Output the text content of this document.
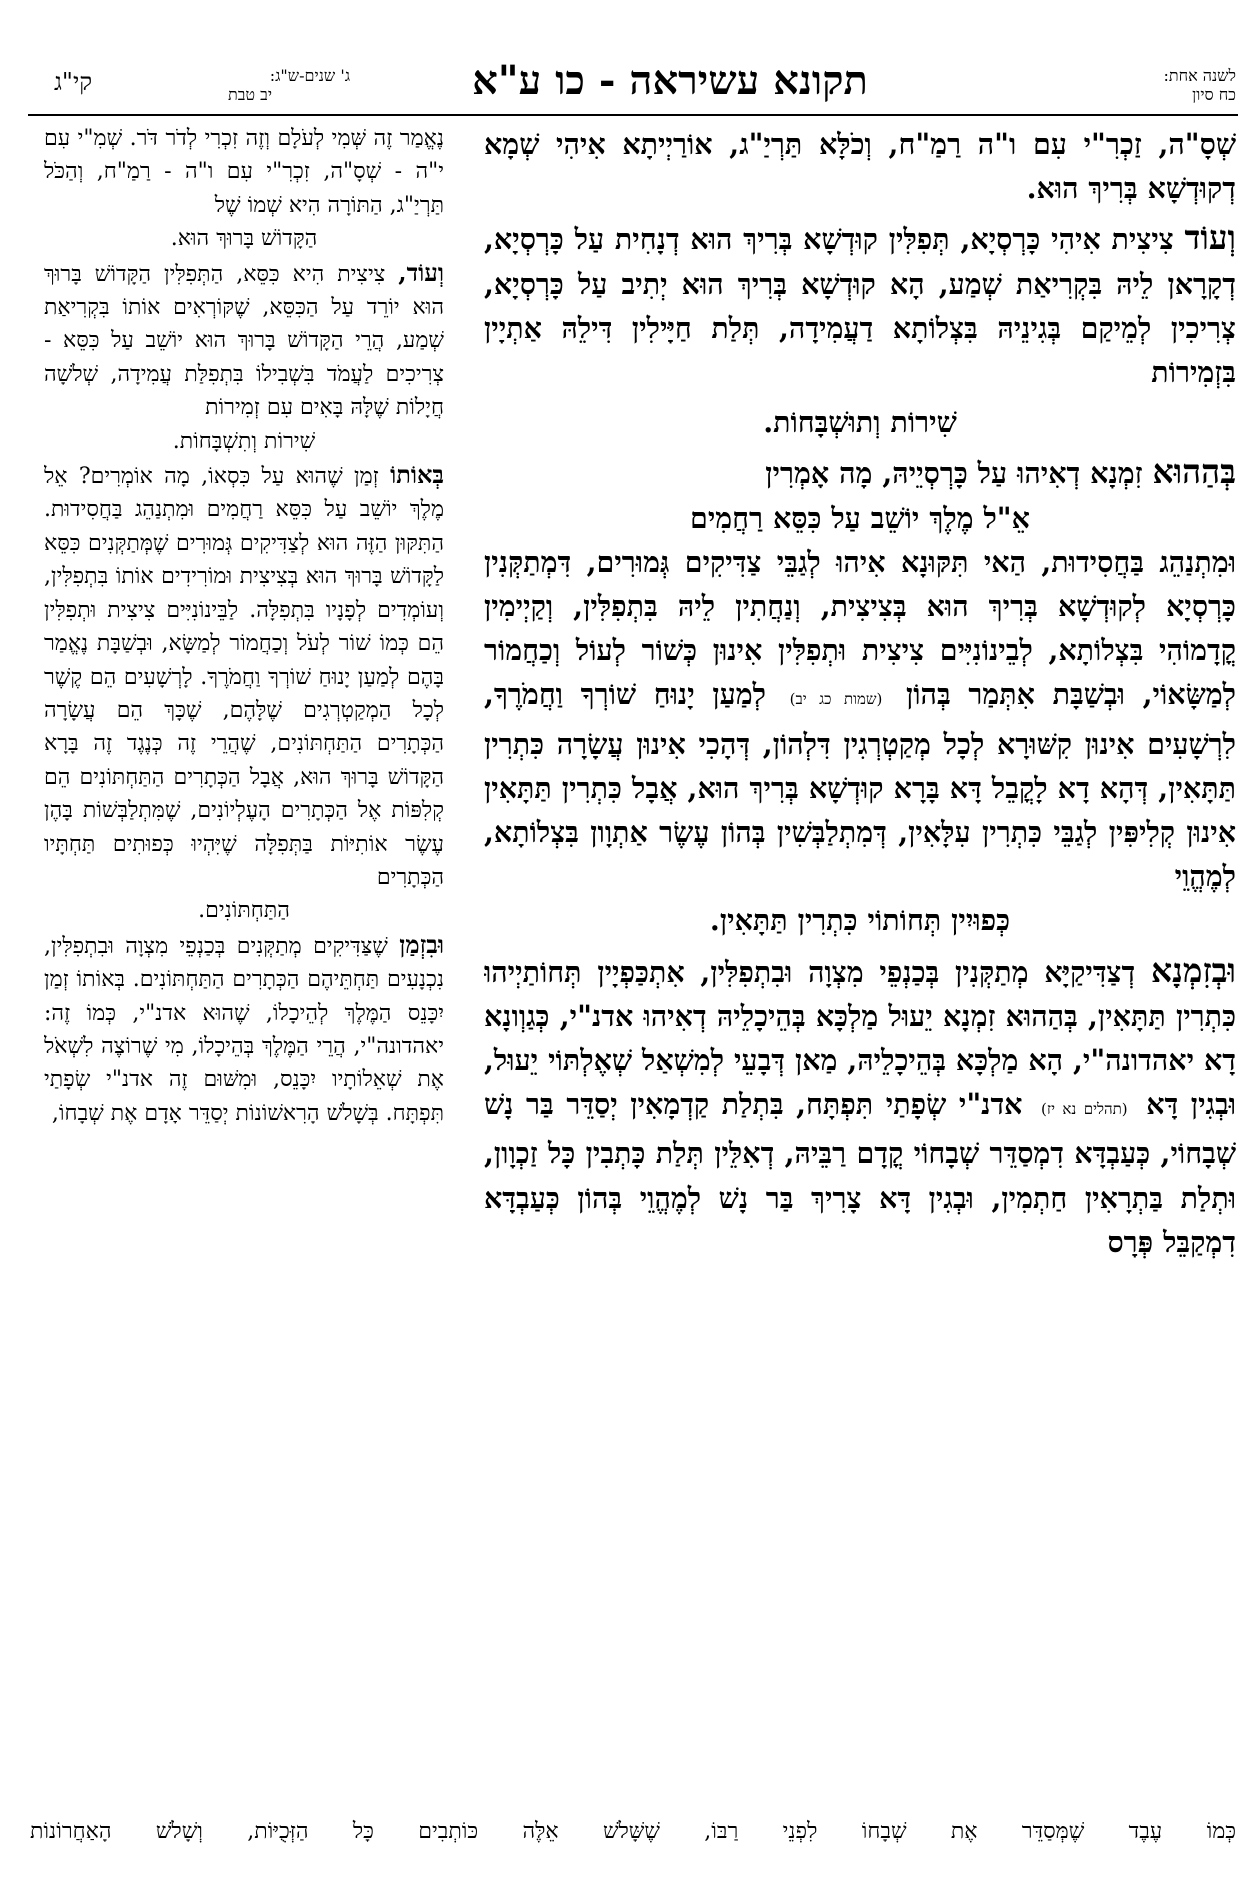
לשנה אחת:
כח סיון
תקונא עשיראה - כו ע"א
ג' שנים-ש"ג:
יב טבת
קי"ג

שְׁסָ"ה, זַכְרִ"י עִם ו"ה רַמַ"ח, וְכֹלָּא תַּרְיַ"ג, אוֹרַיְיתָא אִיהִי שְׁמָא דְקוּדְשָׁא בְּרִיךְ הוּא.

וְעוֹד צִיצִית אִיהִי כָּרְסְיָא, תְּפִלִּין קוּדְשָׁא בְּרִיךְ הוּא דְנָחִית עַל כָּרְסְיָא, דְקָרָאן לֵיהּ בִּקְרִיאַת שְׁמַע, הָא קוּדְשָׁא בְּרִיךְ הוּא יְתִיב עַל כָּרְסְיָא, צְרִיכִין לְמֵיקַם בְּגִינֵיהּ בִּצְלוֹתָא דַעֲמִידָה, תְּלַת חַיָּילִין דִּילֵהּ אַתְיָין בִּזְמִירוֹת

שִׁירוֹת וְתוּשְׁבָּחוֹת.

בְּהַהוּא זִמְנָא דְאִיהוּ עַל כָּרְסְיֵיהּ, מָה אָמְרִין

אֵ"ל מֶלֶךְ יוֹשֵׁב עַל כִּסֵּא רַחֲמִים

וּמִתְנַהֵג בַּחֲסִידוּת, הַאי תִּקּוּנָא אִיהוּ לְגַבֵּי צַדִּיקִים גְּמוּרִים, דִּמְתַקְּנִין כָּרְסְיָא לְקוּדְשָׁא בְּרִיךְ הוּא בְּצִיצִית, וְנַחֲתִין לֵיהּ בִּתְפִלִּין, וְקַיְימִין קֳדָמוֹהִי בִּצְלוֹתָא, לְבֵינוֹנִיִּים צִיצִית וּתְפִלִּין אִינוּן כְּשׁוֹר לְעוֹל וְכַחֲמוֹר לְמַשָּׂאוֹי, וּבְשַׁבָּת אִתְּמַר בְּהוֹן (שמות כג יב) לְמַעַן יָנוּחַ שׁוֹרְךָ וַחֲמֹרֶךָ, לִרְשָׁעִים אִינוּן קִשּׁוּרָא לְכָל מְקַטְרְגִין דִּלְהוֹן, דְּהָכִי אִינוּן עֲשָׂרָה כִּתְרִין תַּתָּאִין, דְּהָא דָא לָקֳבֵל דָּא בָּרָא קוּדְשָׁא בְּרִיךְ הוּא, אֲבָל כִּתְרִין תַּתָּאִין אִינוּן קְלִיפִּין לְגַבֵּי כִּתְרִין עִלָּאִין, דְּמִתְלַבְּשִׁין בְּהוֹן עֶשֶׂר אַתְוָון בִּצְלוֹתָא, לְמֶהֱוֵי

כְּפוּיִין תְּחוֹתוֹי כִּתְרִין תַּתָּאִין.

וּבְזִמְנָא דְצַדִּיקַיָּא מְתַקְּנִין בְּכַנְפֵי מִצְוָה וּבִתְפִלִּין, אִתְכַּפְיָין תְּחוֹתַיְיהוּ כִּתְרִין תַּתָּאִין, בְּהַהוּא זִמְנָא יֵעוּל מַלְכָּא בְּהֵיכָלֵיהּ דְאִיהוּ אדנ"י, כְּגַוְונָא דָא יאהדונה"י, הָא מַלְכָּא בְּהֵיכָלֵיהּ, מַאן דְּבָעֵי לְמִשְׁאַל שְׁאֶלְתּוֹי יֵעוּל, וּבְגִין דָּא (תהלים נא יז) אדנ"י שְׂפָתַי תִּפְתָּח, בִּתְלַת קַדְמָאִין יְסַדֵּר בַּר נָשׁ שְׁבָחוֹי, כְּעַבְדָּא דִמְסַדֵּר שְׁבָחוֹי קֳדָם רַבֵּיהּ, דְאִלֵּין תְּלַת כָּתְבִין כָּל זַכְוָון, וּתְלַת בַּתְרָאִין חַתְמִין, וּבְגִין דָּא צָרִיךְ בַּר נָשׁ לְמֶהֱוֵי בְּהוֹן כְּעַבְדָּא דִמְקַבֵּל פְּרָס

נֶאֱמַר זֶה שְּׁמִי לְעֹלָם וְזֶה זִכְרִי לְדֹר דֹּר. שְׁמִ"י עִם י"ה - שְׁסָ"ה, זִכְרִ"י עִם ו"ה - רַמַ"ח, וְהַכֹּל תַּרְיַ"ג, הַתּוֹרָה הִיא שְׁמוֹ שֶׁל

הַקָּדוֹשׁ בָּרוּךְ הוּא.

וְעוֹד, צִיצִית הִיא כִּסֵּא, הַתְּפִלִּין הַקָּדוֹשׁ בָּרוּךְ הוּא יוֹרֵד עַל הַכִּסֵּא, שֶׁקּוֹרְאִים אוֹתוֹ בִּקְרִיאַת שְׁמַע, הֲרֵי הַקָּדוֹשׁ בָּרוּךְ הוּא יוֹשֵׁב עַל כִּסֵּא - צְרִיכִים לַעֲמֹד בִּשְׁבִילוֹ בִּתְפִלַּת עֲמִידָה, שְׁלֹשָׁה חֲיָלוֹת שֶׁלָּהּ בָּאִים עִם זְמִירוֹת

שִׁירוֹת וְתִשְׁבָּחוֹת.

בְּאוֹתוֹ זְמַן שֶׁהוּא עַל כִּסְאוֹ, מָה אוֹמְרִים? אֵל מֶלֶךְ יוֹשֵׁב עַל כִּסֵּא רַחֲמִים וּמִתְנַהֵג בַּחֲסִידוּת. הַתִּקּוּן הַזֶּה הוּא לְצַדִּיקִים גְּמוּרִים שֶׁמְּתַקְּנִים כִּסֵּא לַקָּדוֹשׁ בָּרוּךְ הוּא בְּצִיצִית וּמוֹרִידִים אוֹתוֹ בִּתְפִלִּין, וְעוֹמְדִים לְפָנָיו בִּתְפִלָּה. לַבֵּינוֹנִיִּים צִיצִית וּתְפִלִּין הֵם כְּמוֹ שׁוֹר לְעֹל וְכַחֲמוֹר לְמַשָּׂא, וּבְשַׁבָּת נֶאֱמַר בָּהֶם לְמַעַן יָנוּחַ שׁוֹרְךָ וַחֲמֹרֶךָ. לָרְשָׁעִים הֵם קֶשֶׁר לְכָל הַמְקַטְרְגִים שֶׁלָּהֶם, שֶׁכָּךְ הֵם עֲשָׂרָה הַכְּתָרִים הַתַּחְתּוֹנִים, שֶׁהֲרֵי זֶה כְּנֶגֶד זֶה בָּרָא הַקָּדוֹשׁ בָּרוּךְ הוּא, אֲבָל הַכְּתָרִים הַתַּחְתּוֹנִים הֵם קְלִפּוֹת אֶל הַכְּתָרִים הָעֶלְיוֹנִים, שֶׁמִּתְלַבְּשׁוֹת בָּהֶן עֶשֶׂר אוֹתִיּוֹת בַּתְּפִלָּה שֶׁיִּהְיוּ כְּפוּתִים תַּחְתָּיו הַכְּתָרִים

הַתַּחְתּוֹנִים.

וּבִזְמַן שֶׁצַּדִּיקִים מְתַקְּנִים בְּכַנְפֵי מִצְוָה וּבִתְפִלִּין, נִכְנָעִים תַּחְתֵּיהֶם הַכְּתָרִים הַתַּחְתּוֹנִים. בְּאוֹתוֹ זְמַן יִכָּנֵס הַמֶּלֶךְ לְהֵיכָלוֹ, שֶׁהוּא אדנ"י, כְּמוֹ זֶה: יאהדונה"י, הֲרֵי הַמֶּלֶךְ בְּהֵיכָלוֹ, מִי שֶׁרוֹצֶה לִשְׁאֹל אֶת שְׁאֵלוֹתָיו יִכָּנֵס, וּמִשּׁוּם זֶה אדנ"י שְׂפָתַי תִּפְתָּח. בְּשָׁלֹשׁ הָרִאשׁוֹנוֹת יְסַדֵּר אָדָם אֶת שְׁבָחוֹ,

כְּמוֹ עֶבֶד שֶׁמְּסַדֵּר אֶת שְׁבָחוֹ לִפְנֵי רַבּוֹ, שֶׁשָּׁלֹשׁ אֵלֶּה כּוֹתְבִים כָּל הַזְּכֻיּוֹת, וְשָׁלֹשׁ הָאַחֲרוֹנוֹת
